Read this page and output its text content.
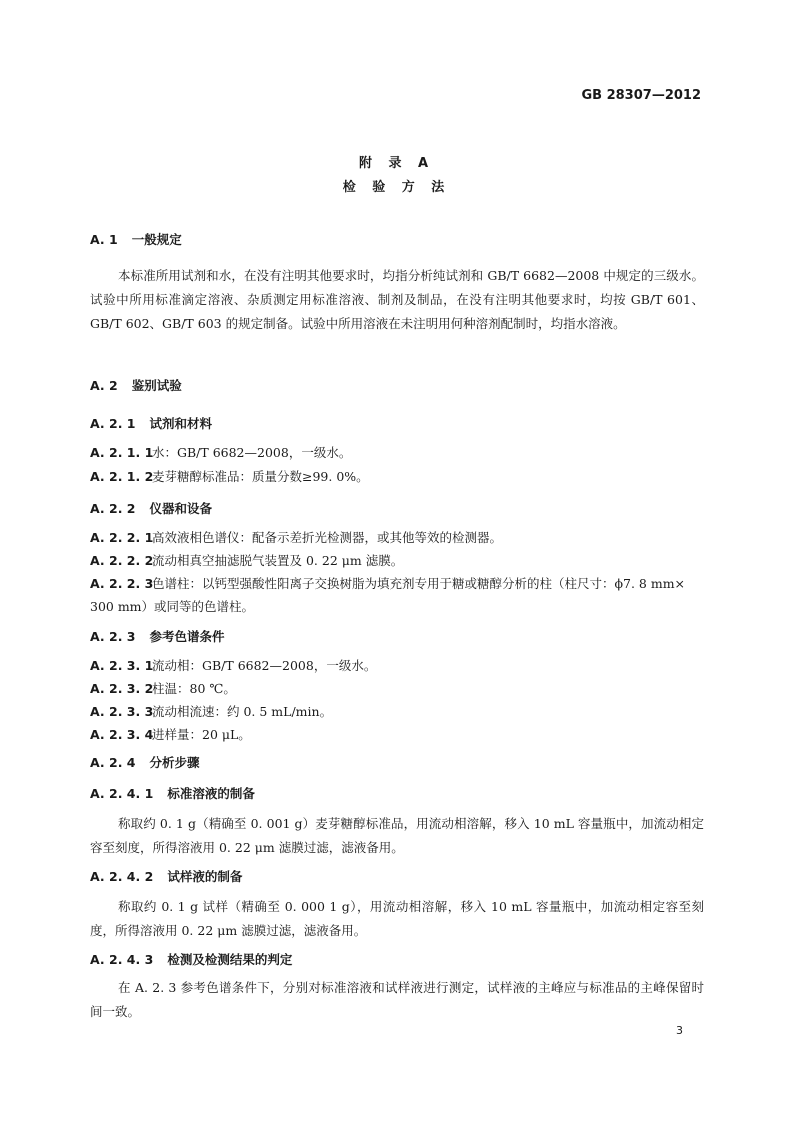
GB 28307—2012
附 录 A
检 验 方 法
A. 1 一般规定
本标准所用试剂和水，在没有注明其他要求时，均指分析纯试剂和 GB/T 6682—2008 中规定的三级水。试验中所用标准滴定溶液、杂质测定用标准溶液、制剂及制品，在没有注明其他要求时，均按 GB/T 601、GB/T 602、GB/T 603 的规定制备。试验中所用溶液在未注明用何种溶剂配制时，均指水溶液。
A. 2 鉴别试验
A. 2. 1 试剂和材料
A. 2. 1. 1水：GB/T 6682—2008，一级水。
A. 2. 1. 2麦芽糖醇标准品：质量分数≥99. 0%。
A. 2. 2 仪器和设备
A. 2. 2. 1高效液相色谱仪：配备示差折光检测器，或其他等效的检测器。
A. 2. 2. 2流动相真空抽滤脱气装置及 0. 22 μm 滤膜。
A. 2. 2. 3色谱柱：以钙型强酸性阳离子交换树脂为填充剂专用于糖或糖醇分析的柱（柱尺寸：ϕ7. 8 mm×
300 mm）或同等的色谱柱。
A. 2. 3 参考色谱条件
A. 2. 3. 1流动相：GB/T 6682—2008，一级水。
A. 2. 3. 2柱温：80 ℃。
A. 2. 3. 3流动相流速：约 0. 5 mL/min。
A. 2. 3. 4进样量：20 μL。
A. 2. 4 分析步骤
A. 2. 4. 1 标准溶液的制备
称取约 0. 1 g（精确至 0. 001 g）麦芽糖醇标准品，用流动相溶解，移入 10 mL 容量瓶中，加流动相定容至刻度，所得溶液用 0. 22 μm 滤膜过滤，滤液备用。
A. 2. 4. 2 试样液的制备
称取约 0. 1 g 试样（精确至 0. 000 1 g），用流动相溶解，移入 10 mL 容量瓶中，加流动相定容至刻度，所得溶液用 0. 22 μm 滤膜过滤，滤液备用。
A. 2. 4. 3 检测及检测结果的判定
在 A. 2. 3 参考色谱条件下，分别对标准溶液和试样液进行测定，试样液的主峰应与标准品的主峰保留时间一致。
3
